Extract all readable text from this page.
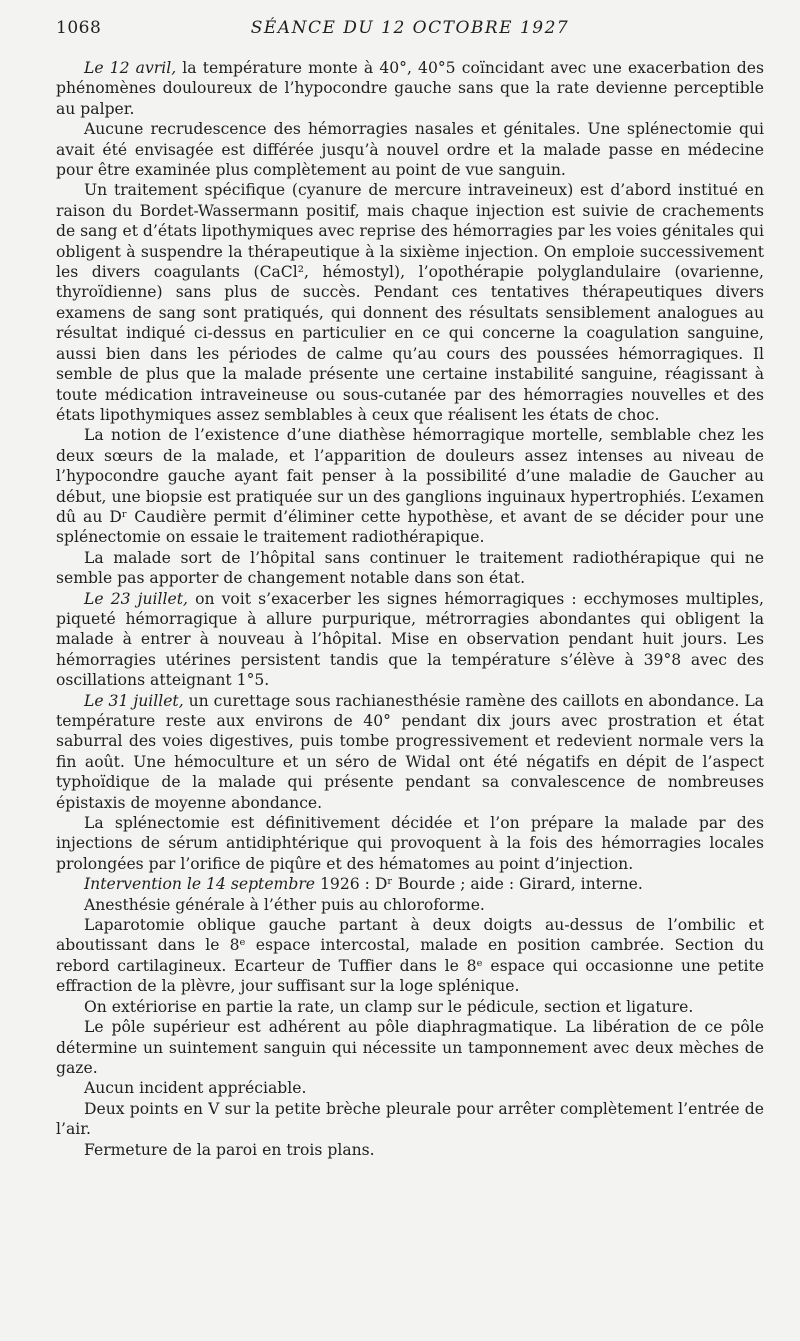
1068	SÉANCE DU 12 OCTOBRE 1927

Le 12 avril, la température monte à 40°, 40°5 coïncidant avec une exacerbation des phénomènes douloureux de l’hypocondre gauche sans que la rate devienne perceptible au palper.

Aucune recrudescence des hémorragies nasales et génitales. Une splénectomie qui avait été envisagée est différée jusqu’à nouvel ordre et la malade passe en médecine pour être examinée plus complètement au point de vue sanguin.

Un traitement spécifique (cyanure de mercure intraveineux) est d’abord institué en raison du Bordet-Wassermann positif, mais chaque injection est suivie de crachements de sang et d’états lipothymiques avec reprise des hémorragies par les voies génitales qui obligent à suspendre la thérapeutique à la sixième injection. On emploie successivement les divers coagulants (CaCl², hémostyl), l’opothérapie polyglandulaire (ovarienne, thyroïdienne) sans plus de succès. Pendant ces tentatives thérapeutiques divers examens de sang sont pratiqués, qui donnent des résultats sensiblement analogues au résultat indiqué ci-dessus en particulier en ce qui concerne la coagulation sanguine, aussi bien dans les périodes de calme qu’au cours des poussées hémorragiques. Il semble de plus que la malade présente une certaine instabilité sanguine, réagissant à toute médication intraveineuse ou sous-cutanée par des hémorragies nouvelles et des états lipothymiques assez semblables à ceux que réalisent les états de choc.

La notion de l’existence d’une diathèse hémorragique mortelle, semblable chez les deux sœurs de la malade, et l’apparition de douleurs assez intenses au niveau de l’hypocondre gauche ayant fait penser à la possibilité d’une maladie de Gaucher au début, une biopsie est pratiquée sur un des ganglions inguinaux hypertrophiés. L’examen dû au Dʳ Caudière permit d’éliminer cette hypothèse, et avant de se décider pour une splénectomie on essaie le traitement radiothérapique.

La malade sort de l’hôpital sans continuer le traitement radiothérapique qui ne semble pas apporter de changement notable dans son état.

Le 23 juillet, on voit s’exacerber les signes hémorragiques : ecchymoses multiples, piqueté hémorragique à allure purpurique, métrorragies abondantes qui obligent la malade à entrer à nouveau à l’hôpital. Mise en observation pendant huit jours. Les hémorragies utérines persistent tandis que la température s’élève à 39°8 avec des oscillations atteignant 1°5.

Le 31 juillet, un curettage sous rachianesthésie ramène des caillots en abondance. La température reste aux environs de 40° pendant dix jours avec prostration et état saburral des voies digestives, puis tombe progressivement et redevient normale vers la fin août. Une hémoculture et un séro de Widal ont été négatifs en dépit de l’aspect typhoïdique de la malade qui présente pendant sa convalescence de nombreuses épistaxis de moyenne abondance.

La splénectomie est définitivement décidée et l’on prépare la malade par des injections de sérum antidiphtérique qui provoquent à la fois des hémorragies locales prolongées par l’orifice de piqûre et des hématomes au point d’injection.

Intervention le 14 septembre 1926 : Dʳ Bourde ; aide : Girard, interne.

Anesthésie générale à l’éther puis au chloroforme.

Laparotomie oblique gauche partant à deux doigts au-dessus de l’ombilic et aboutissant dans le 8ᵉ espace intercostal, malade en position cambrée. Section du rebord cartilagineux. Ecarteur de Tuffier dans le 8ᵉ espace qui occasionne une petite effraction de la plèvre, jour suffisant sur la loge splénique.

On extériorise en partie la rate, un clamp sur le pédicule, section et ligature.

Le pôle supérieur est adhérent au pôle diaphragmatique. La libération de ce pôle détermine un suintement sanguin qui nécessite un tamponnement avec deux mèches de gaze.

Aucun incident appréciable.

Deux points en V sur la petite brèche pleurale pour arrêter complètement l’entrée de l’air.

Fermeture de la paroi en trois plans.
